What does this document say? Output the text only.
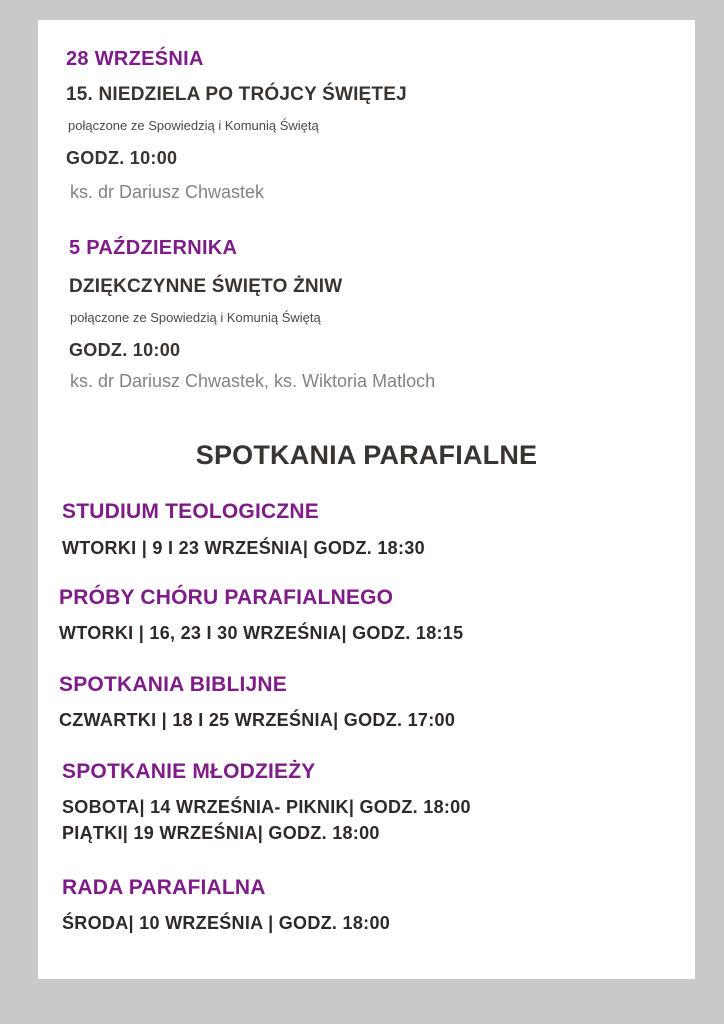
28 WRZEŚNIA
15. NIEDZIELA PO TRÓJCY ŚWIĘTEJ
połączone ze Spowiedzią i Komunią Świętą
GODZ. 10:00
ks. dr Dariusz Chwastek
5 PAŹDZIERNIKA
DZIĘKCZYNNE ŚWIĘTO ŻNIW
połączone ze Spowiedzią i Komunią Świętą
GODZ. 10:00
ks. dr Dariusz Chwastek, ks. Wiktoria Matloch
SPOTKANIA PARAFIALNE
STUDIUM TEOLOGICZNE
WTORKI | 9 I 23 WRZEŚNIA| GODZ. 18:30
PRÓBY CHÓRU PARAFIALNEGO
WTORKI | 16, 23 I 30 WRZEŚNIA| GODZ. 18:15
SPOTKANIA BIBLIJNE
CZWARTKI | 18 I 25 WRZEŚNIA| GODZ. 17:00
SPOTKANIE MŁODZIEŻY
SOBOTA| 14 WRZEŚNIA- PIKNIK| GODZ. 18:00
PIĄTKI| 19 WRZEŚNIA| GODZ. 18:00
RADA PARAFIALNA
ŚRODA| 10 WRZEŚNIA | GODZ. 18:00
